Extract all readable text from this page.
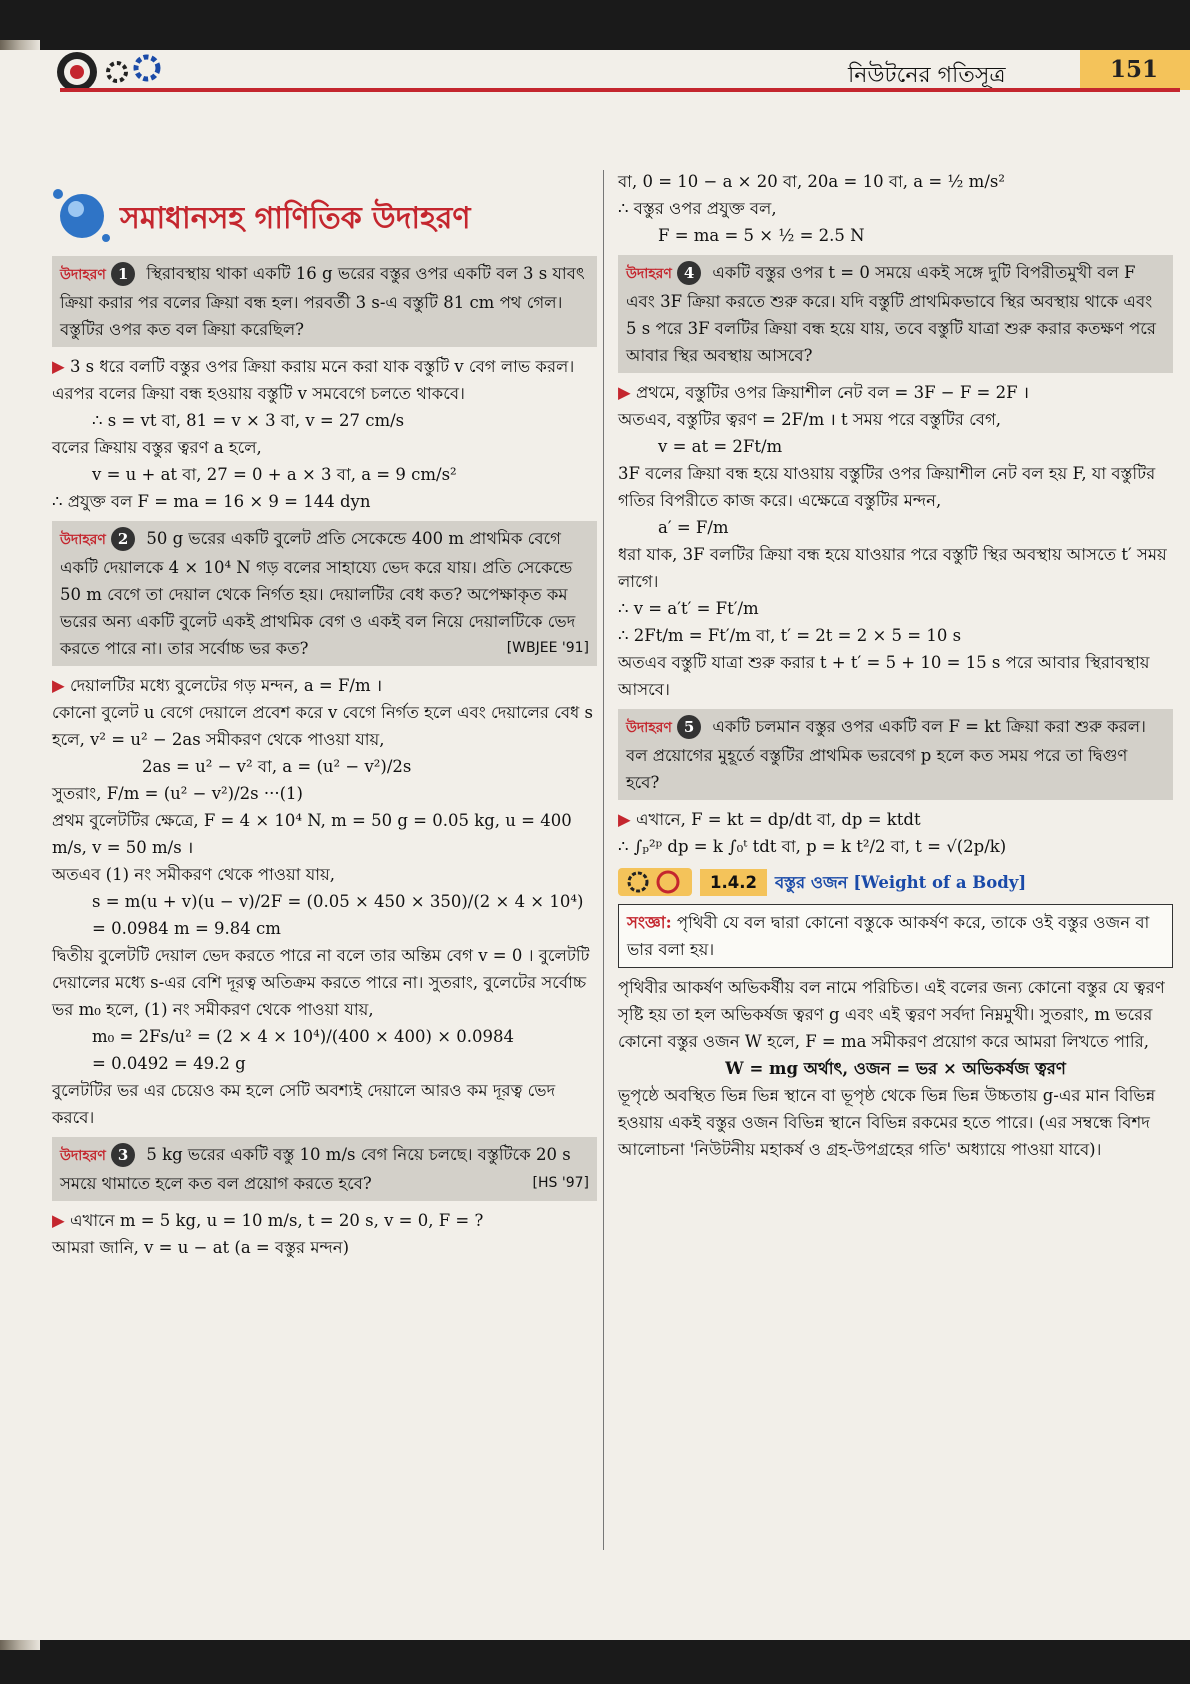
নিউটনের গতিসূত্র	151
সমাধানসহ গাণিতিক উদাহরণ
উদাহরণ 1 স্থিরাবস্থায় থাকা একটি 16 g ভরের বস্তুর ওপর একটি বল 3 s যাবৎ ক্রিয়া করার পর বলের ক্রিয়া বন্ধ হল। পরবর্তী 3 s-এ বস্তুটি 81 cm পথ গেল। বস্তুটির ওপর কত বল ক্রিয়া করেছিল?

▶ 3 s ধরে বলটি বস্তুর ওপর ক্রিয়া করায় মনে করা যাক বস্তুটি v বেগ লাভ করল। এরপর বলের ক্রিয়া বন্ধ হওয়ায় বস্তুটি v সমবেগে চলতে থাকবে।

∴ s = vt বা, 81 = v × 3 বা, v = 27 cm/s

বলের ক্রিয়ায় বস্তুর ত্বরণ a হলে,

v = u + at বা, 27 = 0 + a × 3 বা, a = 9 cm/s²

∴ প্রযুক্ত বল F = ma = 16 × 9 = 144 dyn

উদাহরণ 2 50 g ভরের একটি বুলেট প্রতি সেকেন্ডে 400 m প্রাথমিক বেগে একটি দেয়ালকে 4 × 10⁴ N গড় বলের সাহায্যে ভেদ করে যায়। প্রতি সেকেন্ডে 50 m বেগে তা দেয়াল থেকে নির্গত হয়। দেয়ালটির বেধ কত? অপেক্ষাকৃত কম ভরের অন্য একটি বুলেট একই প্রাথমিক বেগ ও একই বল নিয়ে দেয়ালটিকে ভেদ করতে পারে না। তার সর্বোচ্চ ভর কত?	[WBJEE '91]

▶ দেয়ালটির মধ্যে বুলেটের গড় মন্দন, a = F/m ।

কোনো বুলেট u বেগে দেয়ালে প্রবেশ করে v বেগে নির্গত হলে এবং দেয়ালের বেধ s হলে, v² = u² − 2as সমীকরণ থেকে পাওয়া যায়,

2as = u² − v² বা, a = (u² − v²)/2s

সুতরাং, F/m = (u² − v²)/2s ···(1)

প্রথম বুলেটটির ক্ষেত্রে, F = 4 × 10⁴ N, m = 50 g = 0.05 kg, u = 400 m/s, v = 50 m/s ।

অতএব (1) নং সমীকরণ থেকে পাওয়া যায়,

s = m(u + v)(u − v)/2F = (0.05 × 450 × 350)/(2 × 4 × 10⁴)

= 0.0984 m = 9.84 cm

দ্বিতীয় বুলেটটি দেয়াল ভেদ করতে পারে না বলে তার অন্তিম বেগ v = 0 । বুলেটটি দেয়ালের মধ্যে s-এর বেশি দূরত্ব অতিক্রম করতে পারে না। সুতরাং, বুলেটের সর্বোচ্চ ভর m₀ হলে, (1) নং সমীকরণ থেকে পাওয়া যায়,

m₀ = 2Fs/u² = (2 × 4 × 10⁴)/(400 × 400) × 0.0984

= 0.0492 = 49.2 g

বুলেটটির ভর এর চেয়েও কম হলে সেটি অবশ্যই দেয়ালে আরও কম দূরত্ব ভেদ করবে।

উদাহরণ 3 5 kg ভরের একটি বস্তু 10 m/s বেগ নিয়ে চলছে। বস্তুটিকে 20 s সময়ে থামাতে হলে কত বল প্রয়োগ করতে হবে?	[HS '97]

▶ এখানে m = 5 kg, u = 10 m/s, t = 20 s, v = 0, F = ?

আমরা জানি, v = u − at (a = বস্তুর মন্দন)

বা, 0 = 10 − a × 20 বা, 20a = 10 বা, a = ½ m/s²

∴ বস্তুর ওপর প্রযুক্ত বল,

F = ma = 5 × ½ = 2.5 N

উদাহরণ 4 একটি বস্তুর ওপর t = 0 সময়ে একই সঙ্গে দুটি বিপরীতমুখী বল F এবং 3F ক্রিয়া করতে শুরু করে। যদি বস্তুটি প্রাথমিকভাবে স্থির অবস্থায় থাকে এবং 5 s পরে 3F বলটির ক্রিয়া বন্ধ হয়ে যায়, তবে বস্তুটি যাত্রা শুরু করার কতক্ষণ পরে আবার স্থির অবস্থায় আসবে?

▶ প্রথমে, বস্তুটির ওপর ক্রিয়াশীল নেট বল = 3F − F = 2F ।

অতএব, বস্তুটির ত্বরণ = 2F/m । t সময় পরে বস্তুটির বেগ,

v = at = 2Ft/m

3F বলের ক্রিয়া বন্ধ হয়ে যাওয়ায় বস্তুটির ওপর ক্রিয়াশীল নেট বল হয় F, যা বস্তুটির গতির বিপরীতে কাজ করে। এক্ষেত্রে বস্তুটির মন্দন,

a′ = F/m

ধরা যাক, 3F বলটির ক্রিয়া বন্ধ হয়ে যাওয়ার পরে বস্তুটি স্থির অবস্থায় আসতে t′ সময় লাগে।

∴ v = a′t′ = Ft′/m

∴ 2Ft/m = Ft′/m বা, t′ = 2t = 2 × 5 = 10 s

অতএব বস্তুটি যাত্রা শুরু করার t + t′ = 5 + 10 = 15 s পরে আবার স্থিরাবস্থায় আসবে।

উদাহরণ 5 একটি চলমান বস্তুর ওপর একটি বল F = kt ক্রিয়া করা শুরু করল। বল প্রয়োগের মুহূর্তে বস্তুটির প্রাথমিক ভরবেগ p হলে কত সময় পরে তা দ্বিগুণ হবে?

▶ এখানে, F = kt = dp/dt বা, dp = ktdt

∴ ∫ₚ²ᵖ dp = k ∫₀ᵗ tdt বা, p = k t²/2 বা, t = √(2p/k)

1.4.2	বস্তুর ওজন [Weight of a Body]
সংজ্ঞা: পৃথিবী যে বল দ্বারা কোনো বস্তুকে আকর্ষণ করে, তাকে ওই বস্তুর ওজন বা ভার বলা হয়।

পৃথিবীর আকর্ষণ অভিকর্ষীয় বল নামে পরিচিত। এই বলের জন্য কোনো বস্তুর যে ত্বরণ সৃষ্টি হয় তা হল অভিকর্ষজ ত্বরণ g এবং এই ত্বরণ সর্বদা নিম্নমুখী। সুতরাং, m ভরের কোনো বস্তুর ওজন W হলে, F = ma সমীকরণ প্রয়োগ করে আমরা লিখতে পারি,

W = mg অর্থাৎ, ওজন = ভর × অভিকর্ষজ ত্বরণ

ভূপৃষ্ঠে অবস্থিত ভিন্ন ভিন্ন স্থানে বা ভূপৃষ্ঠ থেকে ভিন্ন ভিন্ন উচ্চতায় g-এর মান বিভিন্ন হওয়ায় একই বস্তুর ওজন বিভিন্ন স্থানে বিভিন্ন রকমের হতে পারে। (এর সম্বন্ধে বিশদ আলোচনা 'নিউটনীয় মহাকর্ষ ও গ্রহ-উপগ্রহের গতি' অধ্যায়ে পাওয়া যাবে)।
